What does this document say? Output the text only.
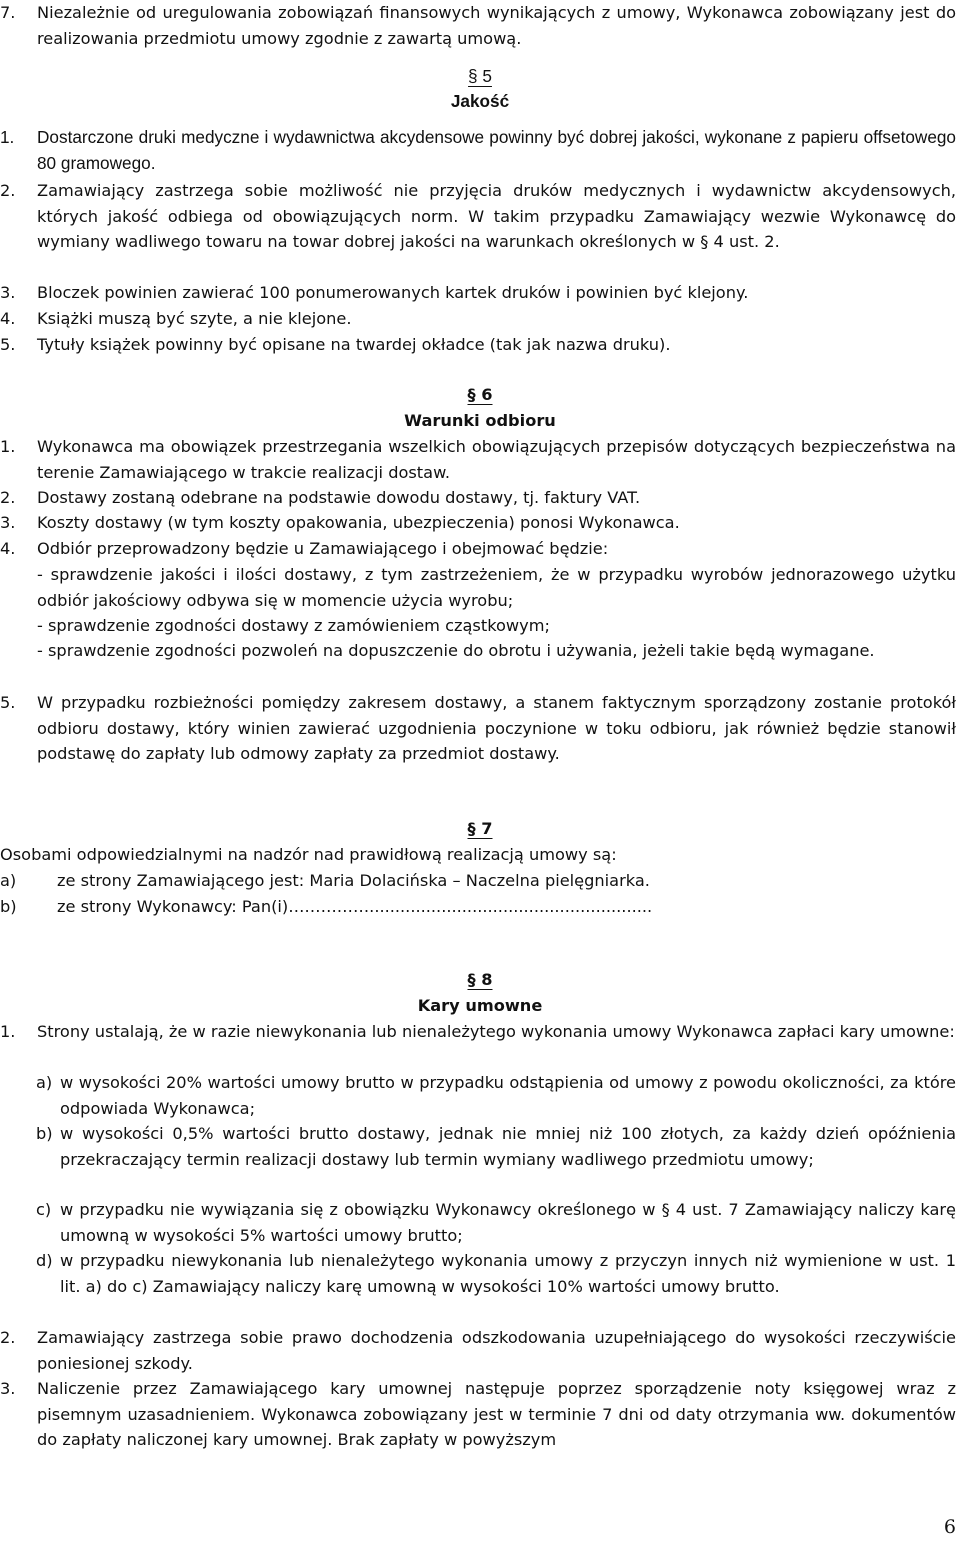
7. Niezależnie od uregulowania zobowiązań finansowych wynikających z umowy, Wykonawca zobowiązany jest do realizowania przedmiotu umowy zgodnie z zawartą umową.
§ 5
Jakość
1. Dostarczone druki medyczne i wydawnictwa akcydensowe powinny być dobrej jakości, wykonane z papieru offsetowego 80 gramowego.
2. Zamawiający zastrzega sobie możliwość nie przyjęcia druków medycznych i wydawnictw akcydensowych, których jakość odbiega od obowiązujących norm. W takim przypadku Zamawiający wezwie Wykonawcę do wymiany wadliwego towaru na towar dobrej jakości na warunkach określonych w § 4 ust. 2.
3. Bloczek powinien zawierać 100 ponumerowanych kartek druków i powinien być klejony.
4. Książki muszą być szyte, a nie klejone.
5. Tytuły książek powinny być opisane na twardej okładce (tak jak nazwa druku).
§ 6
Warunki odbioru
1. Wykonawca ma obowiązek przestrzegania wszelkich obowiązujących przepisów dotyczących bezpieczeństwa na terenie Zamawiającego w trakcie realizacji dostaw.
2. Dostawy zostaną odebrane na podstawie dowodu dostawy, tj. faktury VAT.
3. Koszty dostawy (w tym koszty opakowania, ubezpieczenia) ponosi Wykonawca.
4. Odbiór przeprowadzony będzie u Zamawiającego i obejmować będzie:
- sprawdzenie jakości i ilości dostawy, z tym zastrzeżeniem, że w przypadku wyrobów jednorazowego użytku odbiór jakościowy odbywa się w momencie użycia wyrobu;
- sprawdzenie zgodności dostawy z zamówieniem cząstkowym;
- sprawdzenie zgodności pozwoleń na dopuszczenie do obrotu i używania, jeżeli takie będą wymagane.
5. W przypadku rozbieżności pomiędzy zakresem dostawy, a stanem faktycznym sporządzony zostanie protokół odbioru dostawy, który winien zawierać uzgodnienia poczynione w toku odbioru, jak również będzie stanowił podstawę do zapłaty lub odmowy zapłaty za przedmiot dostawy.
§ 7
Osobami odpowiedzialnymi na nadzór nad prawidłową realizacją umowy są:
a)	ze strony Zamawiającego jest: Maria Dolacińska – Naczelna pielęgniarka.
b) ze strony Wykonawcy: Pan(i)…………….......................................................
§ 8
Kary umowne
1. Strony ustalają, że w razie niewykonania lub nienależytego wykonania umowy Wykonawca zapłaci kary umowne:
a) w wysokości 20% wartości umowy brutto w przypadku odstąpienia od umowy z powodu okoliczności, za które odpowiada Wykonawca;
b) w wysokości 0,5% wartości brutto dostawy, jednak nie mniej niż 100 złotych, za każdy dzień opóźnienia przekraczający termin realizacji dostawy lub termin wymiany wadliwego przedmiotu umowy;
c) w przypadku nie wywiązania się z obowiązku Wykonawcy określonego w § 4 ust. 7 Zamawiający naliczy karę umowną w wysokości 5% wartości umowy brutto;
d) w przypadku niewykonania lub nienależytego wykonania umowy z przyczyn innych niż wymienione w ust. 1 lit. a) do c) Zamawiający naliczy karę umowną w wysokości 10% wartości umowy brutto.
2. Zamawiający zastrzega sobie prawo dochodzenia odszkodowania uzupełniającego do wysokości rzeczywiście poniesionej szkody.
3. Naliczenie przez Zamawiającego kary umownej następuje poprzez sporządzenie noty księgowej wraz z pisemnym uzasadnieniem. Wykonawca zobowiązany jest w terminie 7 dni od daty otrzymania ww. dokumentów do zapłaty naliczonej kary umownej. Brak zapłaty w powyższym
6
